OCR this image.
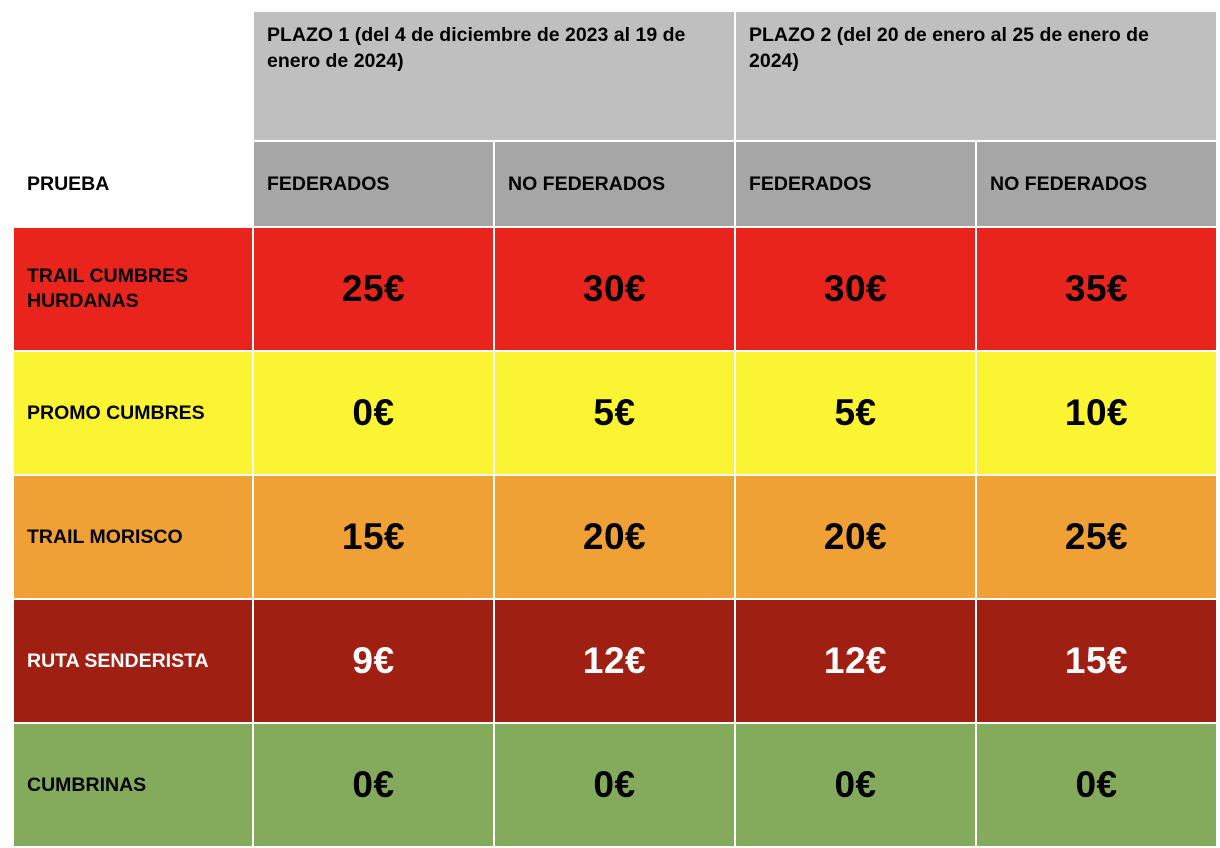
	PLAZO 1 (del 4 de diciembre de 2023 al 19 de enero de 2024)		PLAZO 2 (del 20 de enero al 25 de enero de 2024)	
PRUEBA	FEDERADOS	NO FEDERADOS	FEDERADOS	NO FEDERADOS
TRAIL CUMBRES HURDANAS	25€	30€	30€	35€
PROMO CUMBRES	0€	5€	5€	10€
TRAIL MORISCO	15€	20€	20€	25€
RUTA SENDERISTA	9€	12€	12€	15€
CUMBRINAS	0€	0€	0€	0€
